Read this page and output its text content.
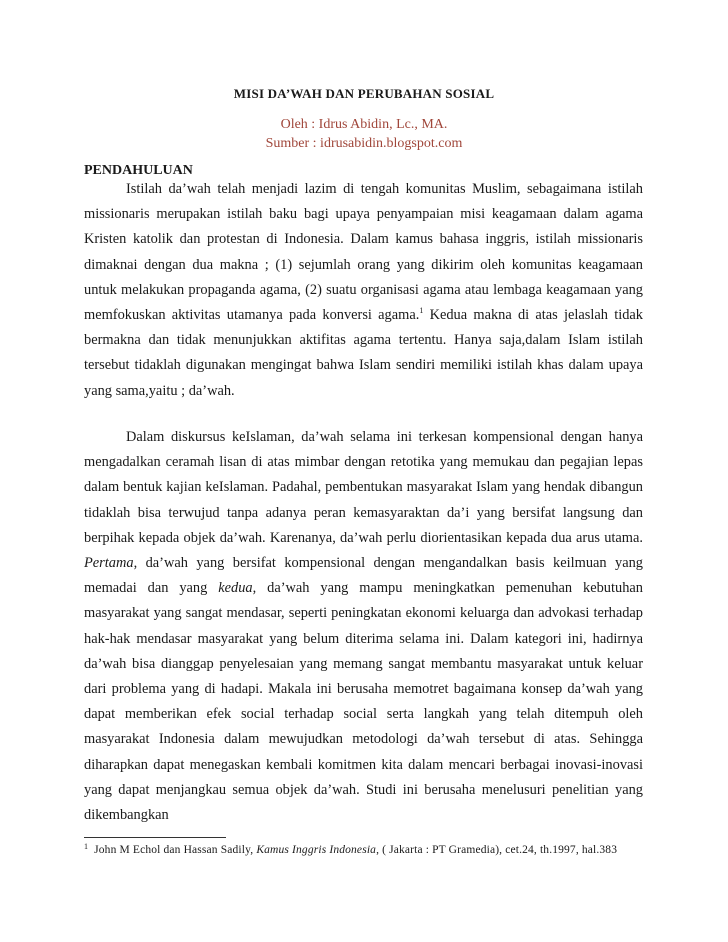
MISI DA’WAH DAN PERUBAHAN SOSIAL
Oleh : Idrus Abidin, Lc., MA.
Sumber : idrusabidin.blogspot.com
PENDAHULUAN

Istilah da’wah telah menjadi lazim di tengah komunitas Muslim, sebagaimana istilah missionaris merupakan istilah baku bagi upaya penyampaian misi keagamaan dalam agama Kristen katolik dan protestan di Indonesia. Dalam kamus bahasa inggris, istilah missionaris dimaknai dengan dua makna ; (1) sejumlah orang yang dikirim oleh komunitas keagamaan untuk melakukan propaganda agama, (2) suatu organisasi agama atau lembaga keagamaan yang memfokuskan aktivitas utamanya pada konversi agama.$^1$ Kedua makna di atas jelaslah tidak bermakna dan tidak menunjukkan aktifitas agama tertentu. Hanya saja,dalam Islam istilah tersebut tidaklah digunakan mengingat bahwa Islam sendiri memiliki istilah khas dalam upaya yang sama,yaitu ; da’wah.

Dalam diskursus keIslaman, da’wah selama ini terkesan kompensional dengan hanya mengadalkan ceramah lisan di atas mimbar dengan retotika yang memukau dan pegajian lepas dalam bentuk kajian keIslaman. Padahal, pembentukan masyarakat Islam yang hendak dibangun tidaklah bisa terwujud tanpa adanya peran kemasyaraktan da’i yang bersifat langsung dan berpihak kepada objek da’wah. Karenanya, da’wah perlu diorientasikan kepada dua arus utama. Pertama, da’wah yang bersifat kompensional dengan mengandalkan basis keilmuan yang memadai dan yang kedua, da’wah yang mampu meningkatkan pemenuhan kebutuhan masyarakat yang sangat mendasar, seperti peningkatan ekonomi keluarga dan advokasi terhadap hak-hak mendasar masyarakat yang belum diterima selama ini. Dalam kategori ini, hadirnya da’wah bisa dianggap penyelesaian yang memang sangat membantu masyarakat untuk keluar dari problema yang di hadapi. Makala ini berusaha memotret bagaimana konsep da’wah yang dapat memberikan efek social terhadap social serta langkah yang telah ditempuh oleh masyarakat Indonesia dalam mewujudkan metodologi da’wah tersebut di atas. Sehingga diharapkan dapat menegaskan kembali komitmen kita dalam mencari berbagai inovasi-inovasi yang dapat menjangkau semua objek da’wah. Studi ini berusaha menelusuri penelitian yang dikembangkan

$^1$ John M Echol dan Hassan Sadily, Kamus Inggris Indonesia, ( Jakarta : PT Gramedia), cet.24, th.1997, hal.383
